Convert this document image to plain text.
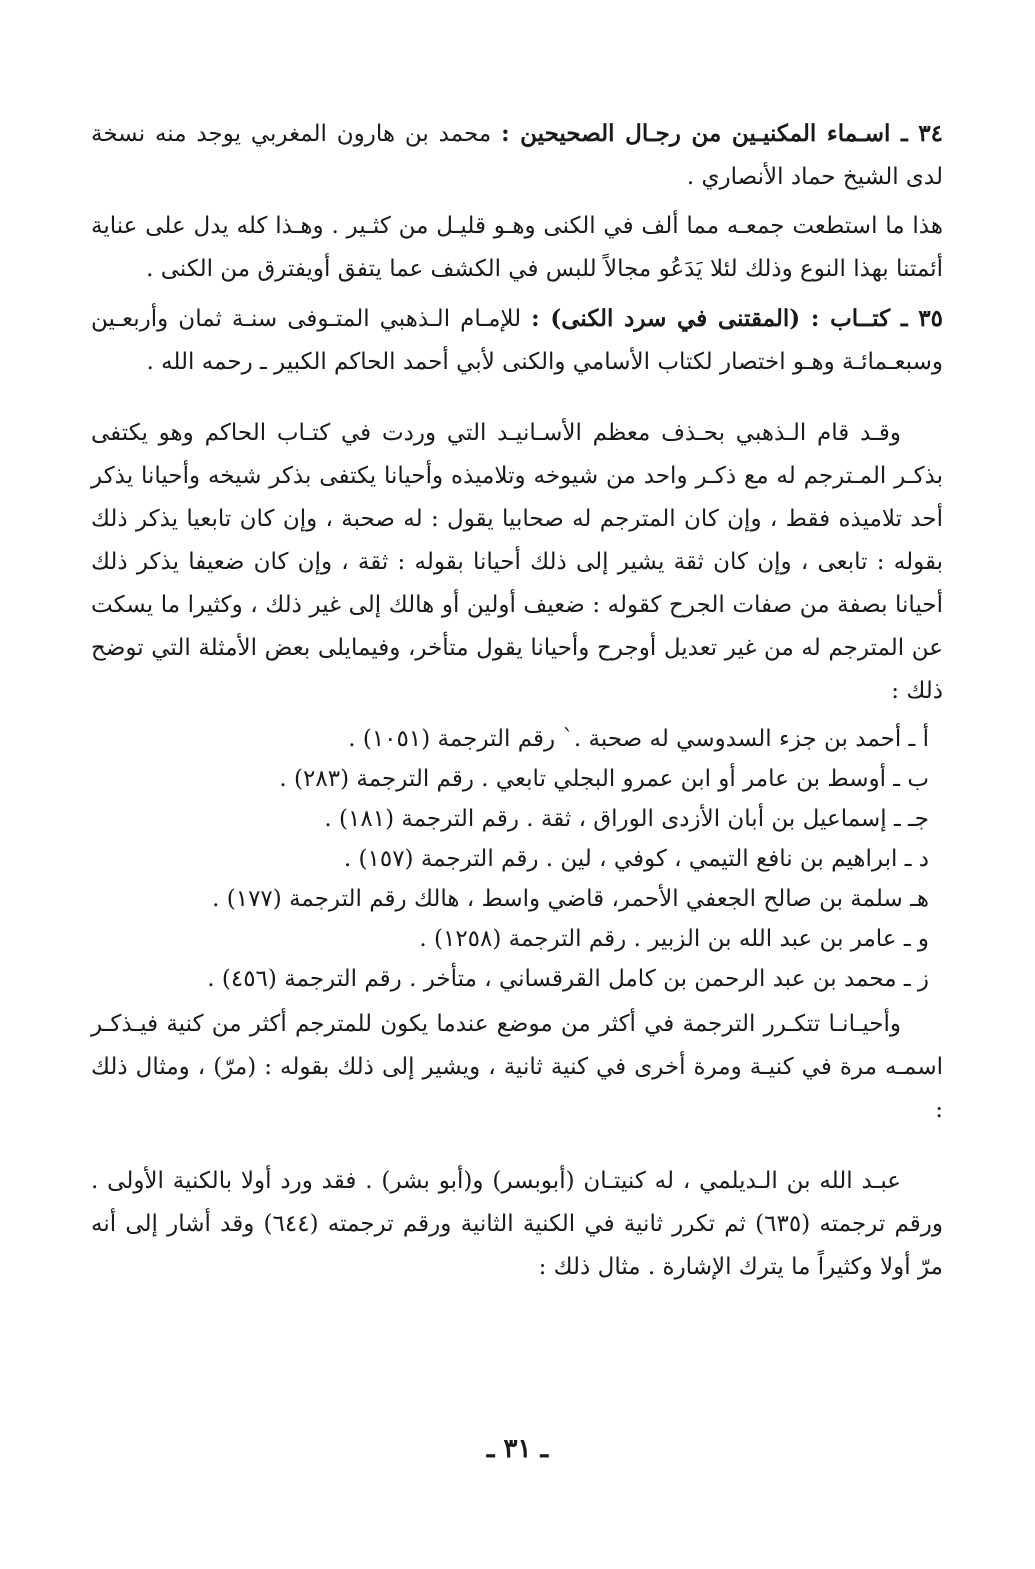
٣٤ ـ اسـماء المكنيـين من رجـال الصحيحين : محمد بن هارون المغربي يوجد منه نسخة لدى الشيخ حماد الأنصاري .

هذا ما استطعت جمعـه مما ألف في الكنى وهـو قليـل من كثـير . وهـذا كله يدل على عناية أئمتنا بهذا النوع وذلك لئلا يَدَعُو مجالاً للبس في الكشف عما يتفق أويفترق من الكنى .

٣٥ ـ كتــاب : (المقتنى في سرد الكنى) : للإمـام الـذهبي المتـوفى سنـة ثمان وأربعـين وسبعـمائـة وهـو اختصار لكتاب الأسامي والكنى لأبي أحمد الحاكم الكبير ـ رحمه الله .

وقـد قام الـذهبي بحـذف معظم الأسـانيـد التي وردت في كتـاب الحاكم وهو يكتفى بذكـر المـترجم له مع ذكـر واحد من شيوخه وتلاميذه وأحيانا يكتفى بذكر شيخه وأحيانا يذكر أحد تلاميذه فقط ، وإن كان المترجم له صحابيا يقول : له صحبة ، وإن كان تابعيا يذكر ذلك بقوله : تابعى ، وإن كان ثقة يشير إلى ذلك أحيانا بقوله : ثقة ، وإن كان ضعيفا يذكر ذلك أحيانا بصفة من صفات الجرح كقوله : ضعيف أولين أو هالك إلى غير ذلك ، وكثيرا ما يسكت عن المترجم له من غير تعديل أوجرح وأحيانا يقول متأخر، وفيمايلى بعض الأمثلة التي توضح ذلك :

أ ـ أحمد بن جزء السدوسي له صحبة .` رقم الترجمة (١٠٥١) .
ب ـ أوسط بن عامر أو ابن عمرو البجلي تابعي . رقم الترجمة (٢٨٣) .
جـ ـ إسماعيل بن أبان الأزدى الوراق ، ثقة . رقم الترجمة (١٨١) .
د ـ ابراهيم بن نافع التيمي ، كوفي ، لين . رقم الترجمة (١٥٧) .
هـ سلمة بن صالح الجعفي الأحمر، قاضي واسط ، هالك رقم الترجمة (١٧٧) .
و ـ عامر بن عبد الله بن الزبير . رقم الترجمة (١٢٥٨) .
ز ـ محمد بن عبد الرحمن بن كامل القرقساني ، متأخر . رقم الترجمة (٤٥٦) .

وأحيـانـا تتكـرر الترجمة في أكثر من موضع عندما يكون للمترجم أكثر من كنية فيـذكـر اسمـه مرة في كنيـة ومرة أخرى في كنية ثانية ، ويشير إلى ذلك بقوله : (مرّ) ، ومثال ذلك :

عبـد الله بن الـديلمي ، له كنيتـان (أبوبسر) و(أبو بشر) . فقد ورد أولا بالكنية الأولى . ورقم ترجمته (٦٣٥) ثم تكرر ثانية في الكنية الثانية ورقم ترجمته (٦٤٤) وقد أشار إلى أنه مرّ أولا وكثيراً ما يترك الإشارة . مثال ذلك :

ـ ٣١ ـ
